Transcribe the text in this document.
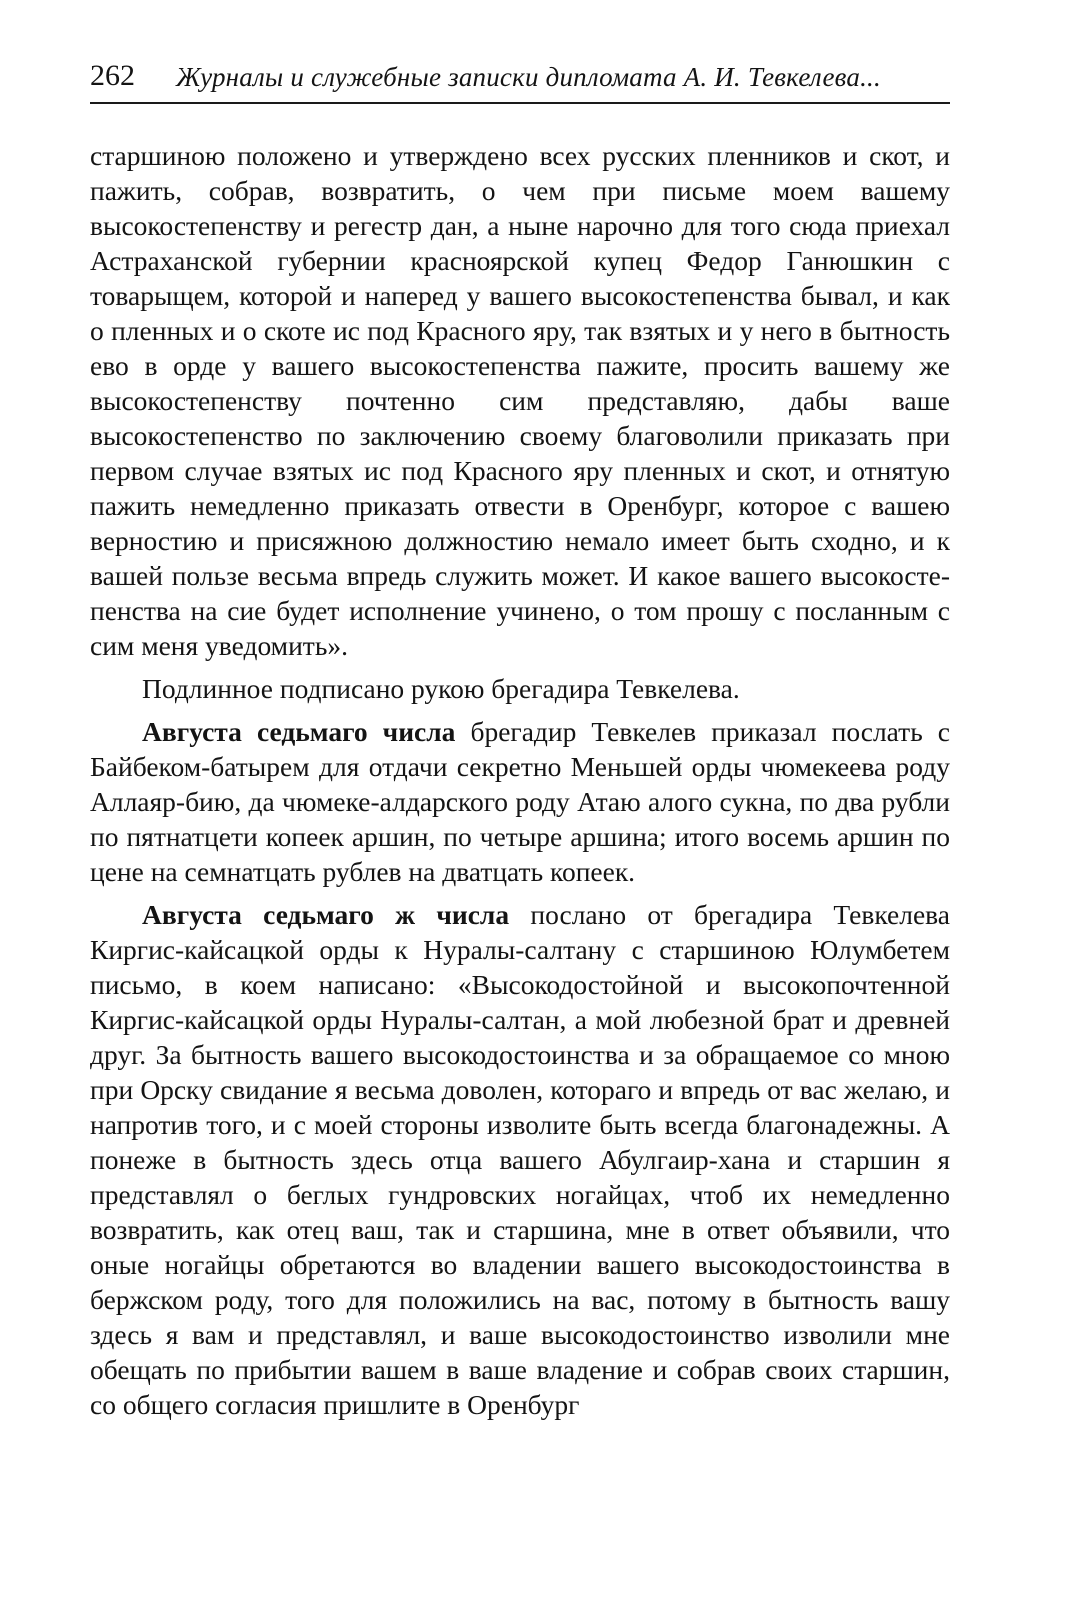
262 Журналы и служебные записки дипломата А. И. Тевкелева...

старшиною положено и утверждено всех русских пленников и скот, и пажить, собрав, возвратить, о чем при письме моем вашему высокостепенству и регестр дан, а ныне нарочно для того сюда приехал Астраханской губернии красноярской купец Федор Ганюшкин с товарыщем, которой и наперед у вашего высокостепенства бывал, и как о пленных и о скоте ис под Красного яру, так взятых и у него в бытность ево в орде у вашего высокостепенства пажите, просить вашему же высокостепенству почтенно сим представляю, дабы ваше высокостепенство по заключению своему благоволили приказать при первом случае взятых ис под Красного яру пленных и скот, и отнятую пажить немедленно приказать отвести в Оренбург, которое с вашею верностию и присяжною должностию немало имеет быть сходно, и к вашей пользе весьма впредь служить может. И какое вашего высокостепенства на сие будет исполнение учинено, о том прошу с посланным с сим меня уведомить».

Подлинное подписано рукою брегадира Тевкелева.

Августа седьмаго числа брегадир Тевкелев приказал послать с Байбеком-батырем для отдачи секретно Меньшей орды чюмекеева роду Аллаяр-бию, да чюмеке-алдарского роду Атаю алого сукна, по два рубли по пятнатцети копеек аршин, по четыре аршина; итого восемь аршин по цене на семнатцать рублев на дватцать копеек.

Августа седьмаго ж числа послано от брегадира Тевкелева Киргис-кайсацкой орды к Нуралы-салтану с старшиною Юлумбетем письмо, в коем написано: «Высокодостойной и высокопочтенной Киргис-кайсацкой орды Нуралы-салтан, а мой любезной брат и древней друг. За бытность вашего высокодостоинства и за обращаемое со мною при Орску свидание я весьма доволен, котораго и впредь от вас желаю, и напротив того, и с моей стороны изволите быть всегда благонадежны. А понеже в бытность здесь отца вашего Абулгаир-хана и старшин я представлял о беглых гундровских ногайцах, чтоб их немедленно возвратить, как отец ваш, так и старшина, мне в ответ объявили, что оные ногайцы обретаются во владении вашего высокодостоинства в бержском роду, того для положились на вас, потому в бытность вашу здесь я вам и представлял, и ваше высокодостоинство изволили мне обещать по прибытии вашем в ваше владение и собрав своих старшин, со общего согласия пришлите в Оренбург
